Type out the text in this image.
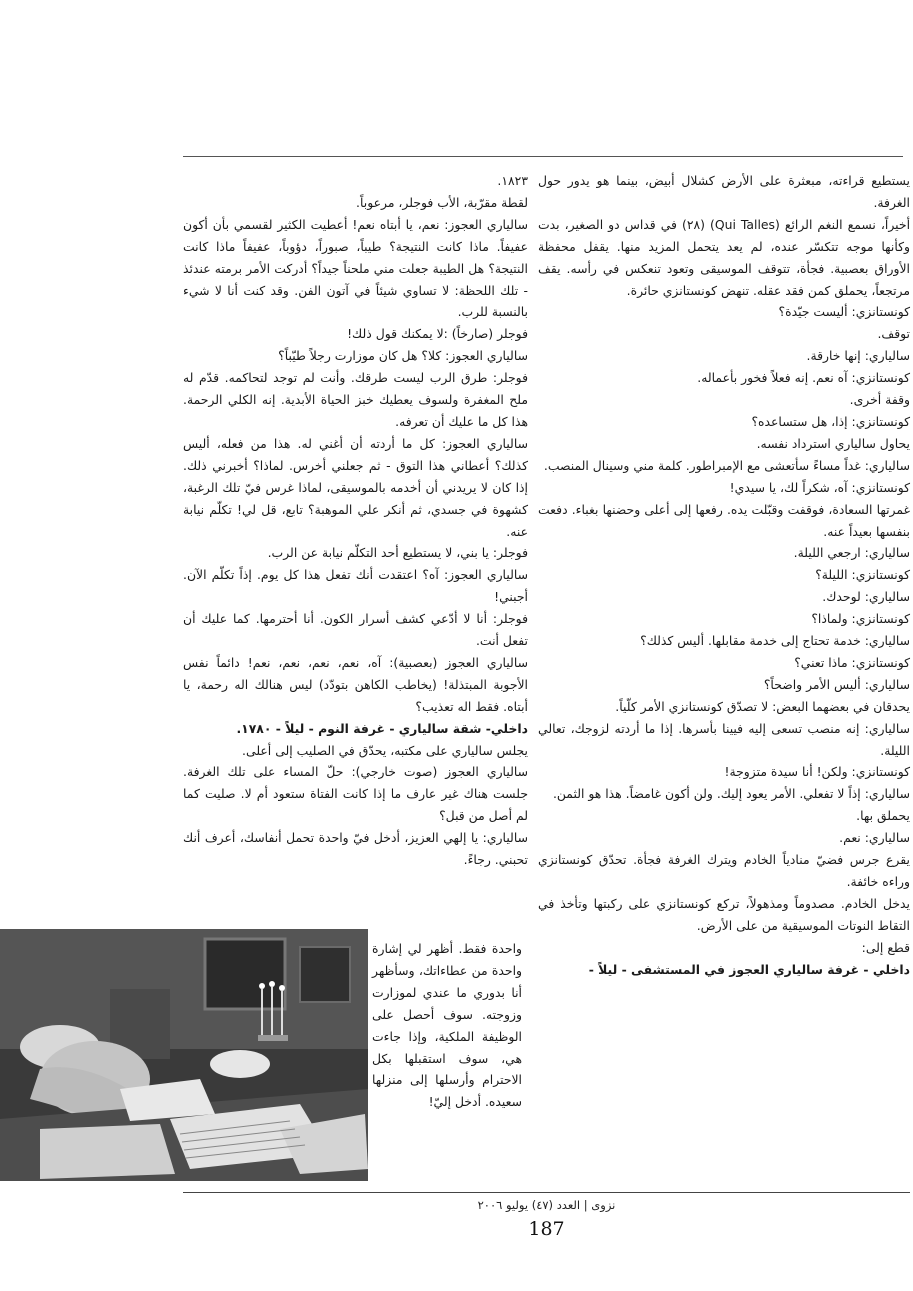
يستطيع قراءته، مبعثرة على الأرض كشلال أبيض، بينما هو يدور حول الغرفة.

أخيراً، نسمع النغم الرائع (Qui Talles) (٢٨) في قداس دو الصغير، بدت وكأنها موجه تتكسّر عنده، لم يعد يتحمل المزيد منها. يقفل محفظة الأوراق بعصبية. فجأة، تتوقف الموسيقى وتعود تنعكس في رأسه. يقف مرتجعاً، يحملق كمن فقد عقله. تنهض كونستانزي حائرة.

كونستانزي: أليست جيّدة؟

توقف.

سالياري: إنها خارقة.

كونستانزي: آه نعم. إنه فعلاً فخور بأعماله.

وقفة أخرى.

كونستانزي: إذا، هل ستساعده؟

يحاول سالياري استرداد نفسه.

سالياري: غداً مساءً سأتعشى مع الإمبراطور. كلمة مني وسينال المنصب.

كونستانزي: آه، شكراً لك، يا سيدي!

غمرتها السعادة، فوقفت وقبّلت يده. رفعها إلى أعلى وحضنها بغباء. دفعت بنفسها بعيداً عنه.

سالياري: ارجعي الليلة.

كونستانزي: الليلة؟

سالياري: لوحدك.

كونستانزي: ولماذا؟

سالياري: خدمة تحتاج إلى خدمة مقابلها. أليس كذلك؟

كونستانزي: ماذا تعني؟

سالياري: أليس الأمر واضحاً؟

يحدقان في بعضهما البعض: لا تصدّق كونستانزي الأمر كلّياً.

سالياري: إنه منصب تسعى إليه فيينا بأسرها. إذا ما أردته لزوجك، تعالي الليلة.

كونستانزي: ولكن! أنا سيدة متزوجة!

سالياري: إذاً لا تفعلي. الأمر يعود إليك. ولن أكون غامضاً. هذا هو الثمن.

يحملق بها.

سالياري: نعم.

يقرع جرس فضيّ منادياً الخادم ويترك الغرفة فجأة. تحدّق كونستانزي وراءه خائفة.

يدخل الخادم. مصدوماً ومذهولاً، تركع كونستانزي على ركبتها وتأخذ في التقاط النوتات الموسيقية من على الأرض.

قطع إلى:

داخلي - غرفة سالياري العجوز في المستشفى - ليلاً -

١٨٢٣.

لقطة مقرّبة، الأب فوجلر، مرعوباً.

سالياري العجوز: نعم، يا أبتاه نعم! أعطيت الكثير لقسمي بأن أكون عفيفاً. ماذا كانت النتيجة؟ طيباً، صبوراً، دؤوباً، عفيفاً ماذا كانت النتيجة؟ هل الطيبة جعلت مني ملحناً جيداً؟ أدركت الأمر برمته عندئذ - تلك اللحظة: لا تساوي شيئاً في آتون الفن. وقد كنت أنا لا شيء بالنسبة للرب.

فوجلر (صارخاً) :لا يمكنك قول ذلك!

سالياري العجوز: كلا؟ هل كان موزارت رجلاً طيّباً؟

فوجلر: طرق الرب ليست طرقك. وأنت لم توجد لتحاكمه. قدّم له ملح المغفرة ولسوف يعطيك خبز الحياة الأبدية. إنه الكلي الرحمة. هذا كل ما عليك أن تعرفه.

سالياري العجوز: كل ما أردته أن أغني له. هذا من فعله، أليس كذلك؟ أعطاني هذا التوق - ثم جعلني أخرس. لماذا؟ أخبرني ذلك. إذا كان لا يريدني أن أخدمه بالموسيقى، لماذا غرس فيّ تلك الرغبة، كشهوة في جسدي، ثم أنكر علي الموهبة؟ تابع، قل لي! تكلّم نيابة عنه.

فوجلر: يا بني، لا يستطيع أحد التكلّم نيابة عن الرب.

سالياري العجوز: آه؟ اعتقدت أنك تفعل هذا كل يوم. إذاً تكلّم الآن. أجبني!

فوجلر: أنا لا أدّعي كشف أسرار الكون. أنا أحترمها. كما عليك أن تفعل أنت.

سالياري العجوز (بعصبية): آه، نعم، نعم، نعم، نعم! دائماً نفس الأجوبة المبتذلة! (يخاطب الكاهن بتودّد) ليس هنالك اله رحمة، يا أبتاه. فقط اله تعذيب؟

داخلي- شقة سالياري - غرفة النوم - ليلاً - ١٧٨٠.

يجلس سالياري على مكتبه، يحدّق في الصليب إلى أعلى.

سالياري العجوز (صوت خارجي): حلّ المساء على تلك الغرفة. جلست هناك غير عارف ما إذا كانت الفتاة ستعود أم لا. صليت كما لم أصل من قبل؟

سالياري: يا إلهي العزيز، أدخل فيّ واحدة تحمل أنفاسك، أعرف أنك تحبني. رجاءً.

واحدة فقط. أظهر لي إشارة واحدة من عطاءاتك، وسأظهر أنا بدوري ما عندي لموزارت وزوجته. سوف أحصل على الوظيفة الملكية، وإذا جاءت هي، سوف استقبلها بكل الاحترام وأرسلها إلى منزلها سعيده. أدخل إليّ!

نزوى | العدد (٤٧) يوليو ٢٠٠٦
187
